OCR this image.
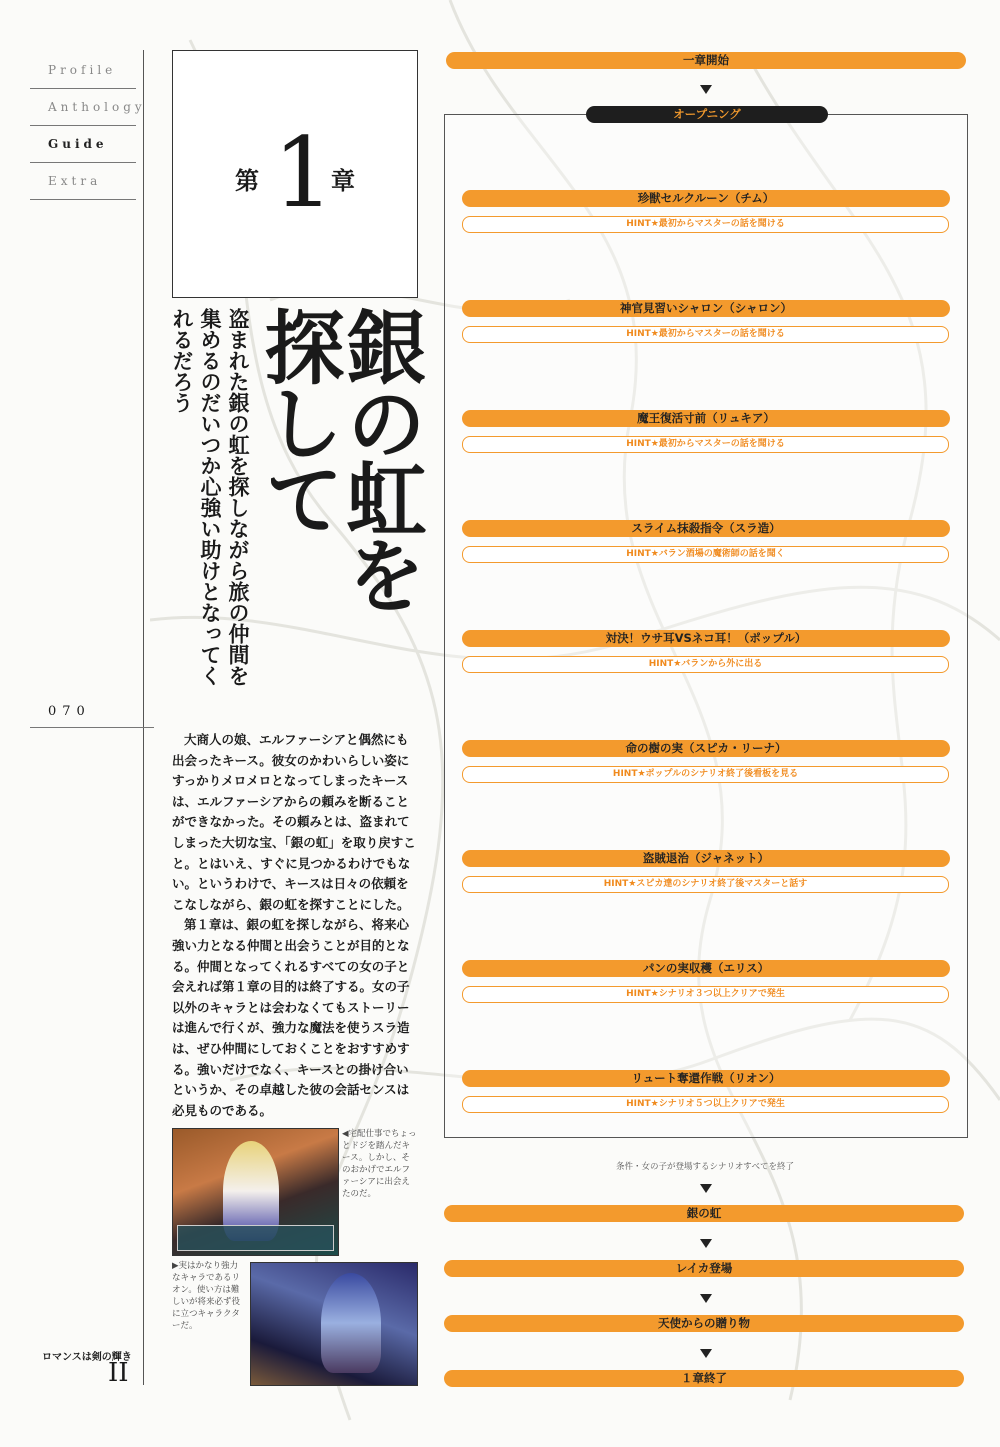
Profile
Anthology
Guide
Extra
070
ロマンスは剣の輝き
II
第 1
章
銀の虹を探して
盗まれた銀の虹を探しながら旅の仲間を集めるのだいつか心強い助けとなってくれるだろう

大商人の娘、エルファーシアと偶然にも出会ったキース。彼女のかわいらしい姿にすっかりメロメロとなってしまったキースは、エルファーシアからの頼みを断ることができなかった。その頼みとは、盗まれてしまった大切な宝、「銀の虹」を取り戻すこと。とはいえ、すぐに見つかるわけでもない。というわけで、キースは日々の依頼をこなしながら、銀の虹を探すことにした。

第１章は、銀の虹を探しながら、将来心強い力となる仲間と出会うことが目的となる。仲間となってくれるすべての女の子と会えれば第１章の目的は終了する。女の子以外のキャラとは会わなくてもストーリーは進んで行くが、強力な魔法を使うスラ造は、ぜひ仲間にしておくことをおすすめする。強いだけでなく、キースとの掛け合いというか、その卓越した彼の会話センスは必見ものである。

◀宅配仕事でちょっとドジを踏んだキース。しかし、そのおかげでエルファーシアに出会えたのだ。
▶実はかなり強力なキャラであるリオン。使い方は難しいが将来必ず役に立つキャラクターだ。
一章開始
オープニング
珍獣セルクルーン（チム）
HINT★最初からマスターの話を聞ける
神官見習いシャロン（シャロン）
HINT★最初からマスターの話を聞ける
魔王復活寸前（リュキア）
HINT★最初からマスターの話を聞ける
スライム抹殺指令（スラ造）
HINT★バラン酒場の魔術師の話を聞く
対決！ウサ耳VSネコ耳！（ポップル）
HINT★バランから外に出る
命の樹の実（スピカ・リーナ）
HINT★ポップルのシナリオ終了後看板を見る
盗賊退治（ジャネット）
HINT★スピカ達のシナリオ終了後マスターと話す
パンの実収穫（エリス）
HINT★シナリオ３つ以上クリアで発生
リュート奪還作戦（リオン）
HINT★シナリオ５つ以上クリアで発生
条件・女の子が登場するシナリオすべてを終了
銀の虹
レイカ登場
天使からの贈り物
１章終了
